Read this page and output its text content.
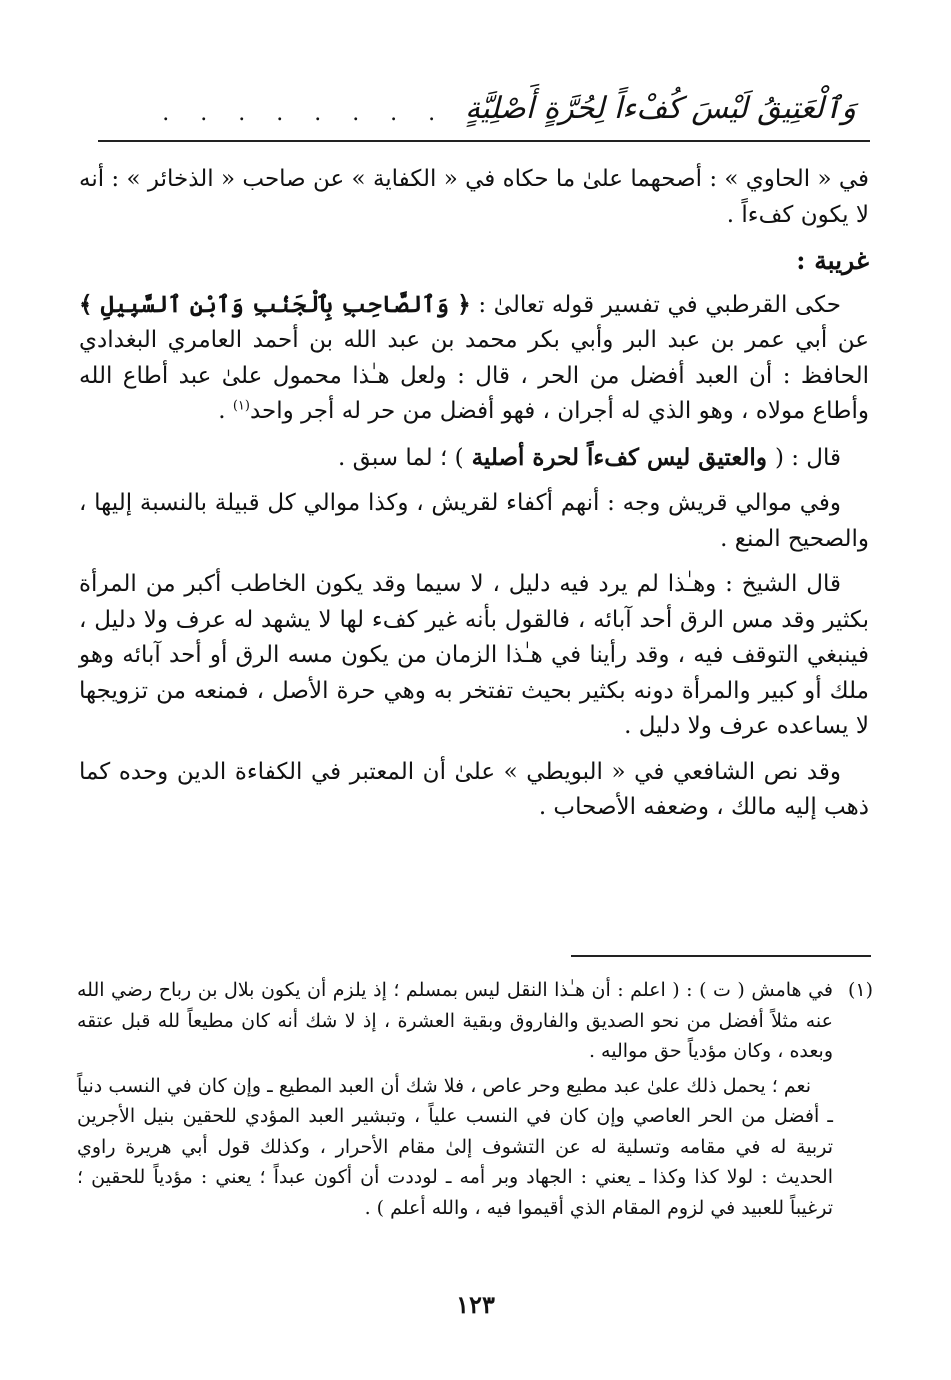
وَٱلْعَتِيقُ لَيْسَ كُفْءاً لِحُرَّةٍ أَصْلِيَّةٍ
. . . . . . . .

في « الحاوي » : أصحهما علىٰ ما حكاه في « الكفاية » عن صاحب « الذخائر » : أنه لا يكون كفءاً .

غريبة :

حكى القرطبي في تفسير قوله تعالىٰ : ﴿ وَٱلصَّاحِبِ بِٱلْجَنۢبِ وَٱبْنِ ٱلسَّبِيلِ ﴾ عن أبي عمر بن عبد البر وأبي بكر محمد بن عبد الله بن أحمد العامري البغدادي الحافظ : أن العبد أفضل من الحر ، قال : ولعل هـٰذا محمول علىٰ عبد أطاع الله وأطاع مولاه ، وهو الذي له أجران ، فهو أفضل من حر له أجر واحد$^{(١)}$ .

قال : ( والعتيق ليس كفءاً لحرة أصلية ) ؛ لما سبق .

وفي موالي قريش وجه : أنهم أكفاء لقريش ، وكذا موالي كل قبيلة بالنسبة إليها ، والصحيح المنع .

قال الشيخ : وهـٰذا لم يرد فيه دليل ، لا سيما وقد يكون الخاطب أكبر من المرأة بكثير وقد مس الرق أحد آبائه ، فالقول بأنه غير كفء لها لا يشهد له عرف ولا دليل ، فينبغي التوقف فيه ، وقد رأينا في هـٰذا الزمان من يكون مسه الرق أو أحد آبائه وهو ملك أو كبير والمرأة دونه بكثير بحيث تفتخر به وهي حرة الأصل ، فمنعه من تزويجها لا يساعده عرف ولا دليل .

وقد نص الشافعي في « البويطي » علىٰ أن المعتبر في الكفاءة الدين وحده كما ذهب إليه مالك ، وضعفه الأصحاب .

(١)

في هامش ( ت ) : ( اعلم : أن هـٰذا النقل ليس بمسلم ؛ إذ يلزم أن يكون بلال بن رباح رضي الله عنه مثلاً أفضل من نحو الصديق والفاروق وبقية العشرة ، إذ لا شك أنه كان مطيعاً لله قبل عتقه وبعده ، وكان مؤدياً حق مواليه .

نعم ؛ يحمل ذلك علىٰ عبد مطيع وحر عاص ، فلا شك أن العبد المطيع ـ وإن كان في النسب دنياً ـ أفضل من الحر العاصي وإن كان في النسب علياً ، وتبشير العبد المؤدي للحقين بنيل الأجرين تربية له في مقامه وتسلية له عن التشوف إلىٰ مقام الأحرار ، وكذلك قول أبي هريرة راوي الحديث : لولا كذا وكذا ـ يعني : الجهاد وبر أمه ـ لوددت أن أكون عبداً ؛ يعني : مؤدياً للحقين ؛ ترغيباً للعبيد في لزوم المقام الذي أقيموا فيه ، والله أعلم ) .

١٢٣
